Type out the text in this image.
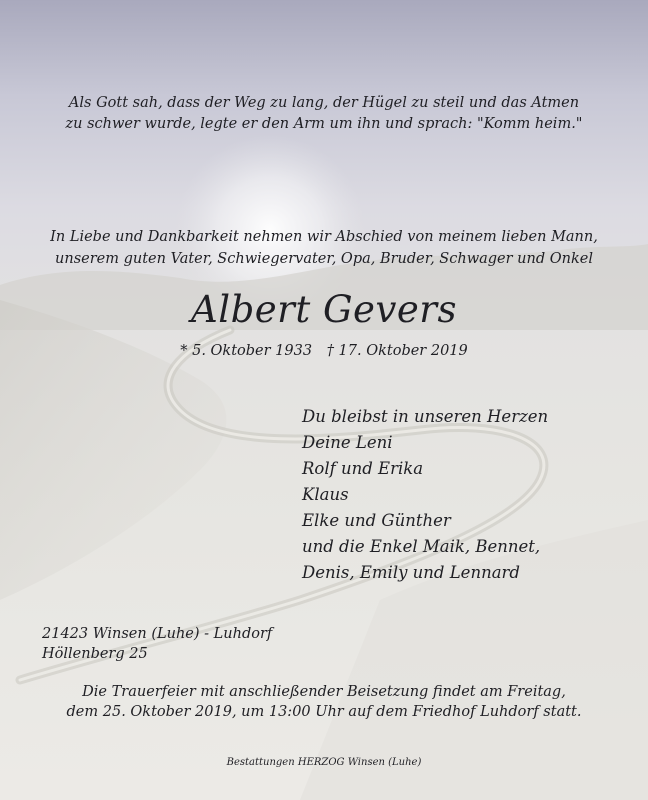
Als Gott sah, dass der Weg zu lang, der Hügel zu steil und das Atmen
zu schwer wurde, legte er den Arm um ihn und sprach: "Komm heim."
In Liebe und Dankbarkeit nehmen wir Abschied von meinem lieben Mann,
unserem guten Vater, Schwiegervater, Opa, Bruder, Schwager und Onkel
Albert Gevers
* 5. Oktober 1933 † 17. Oktober 2019
Du bleibst in unseren Herzen
Deine Leni
Rolf und Erika
Klaus
Elke und Günther
und die Enkel Maik, Bennet,
Denis, Emily und Lennard
21423 Winsen (Luhe) - Luhdorf
Höllenberg 25
Die Trauerfeier mit anschließender Beisetzung findet am Freitag,
dem 25. Oktober 2019, um 13:00 Uhr auf dem Friedhof Luhdorf statt.
Bestattungen HERZOG Winsen (Luhe)
